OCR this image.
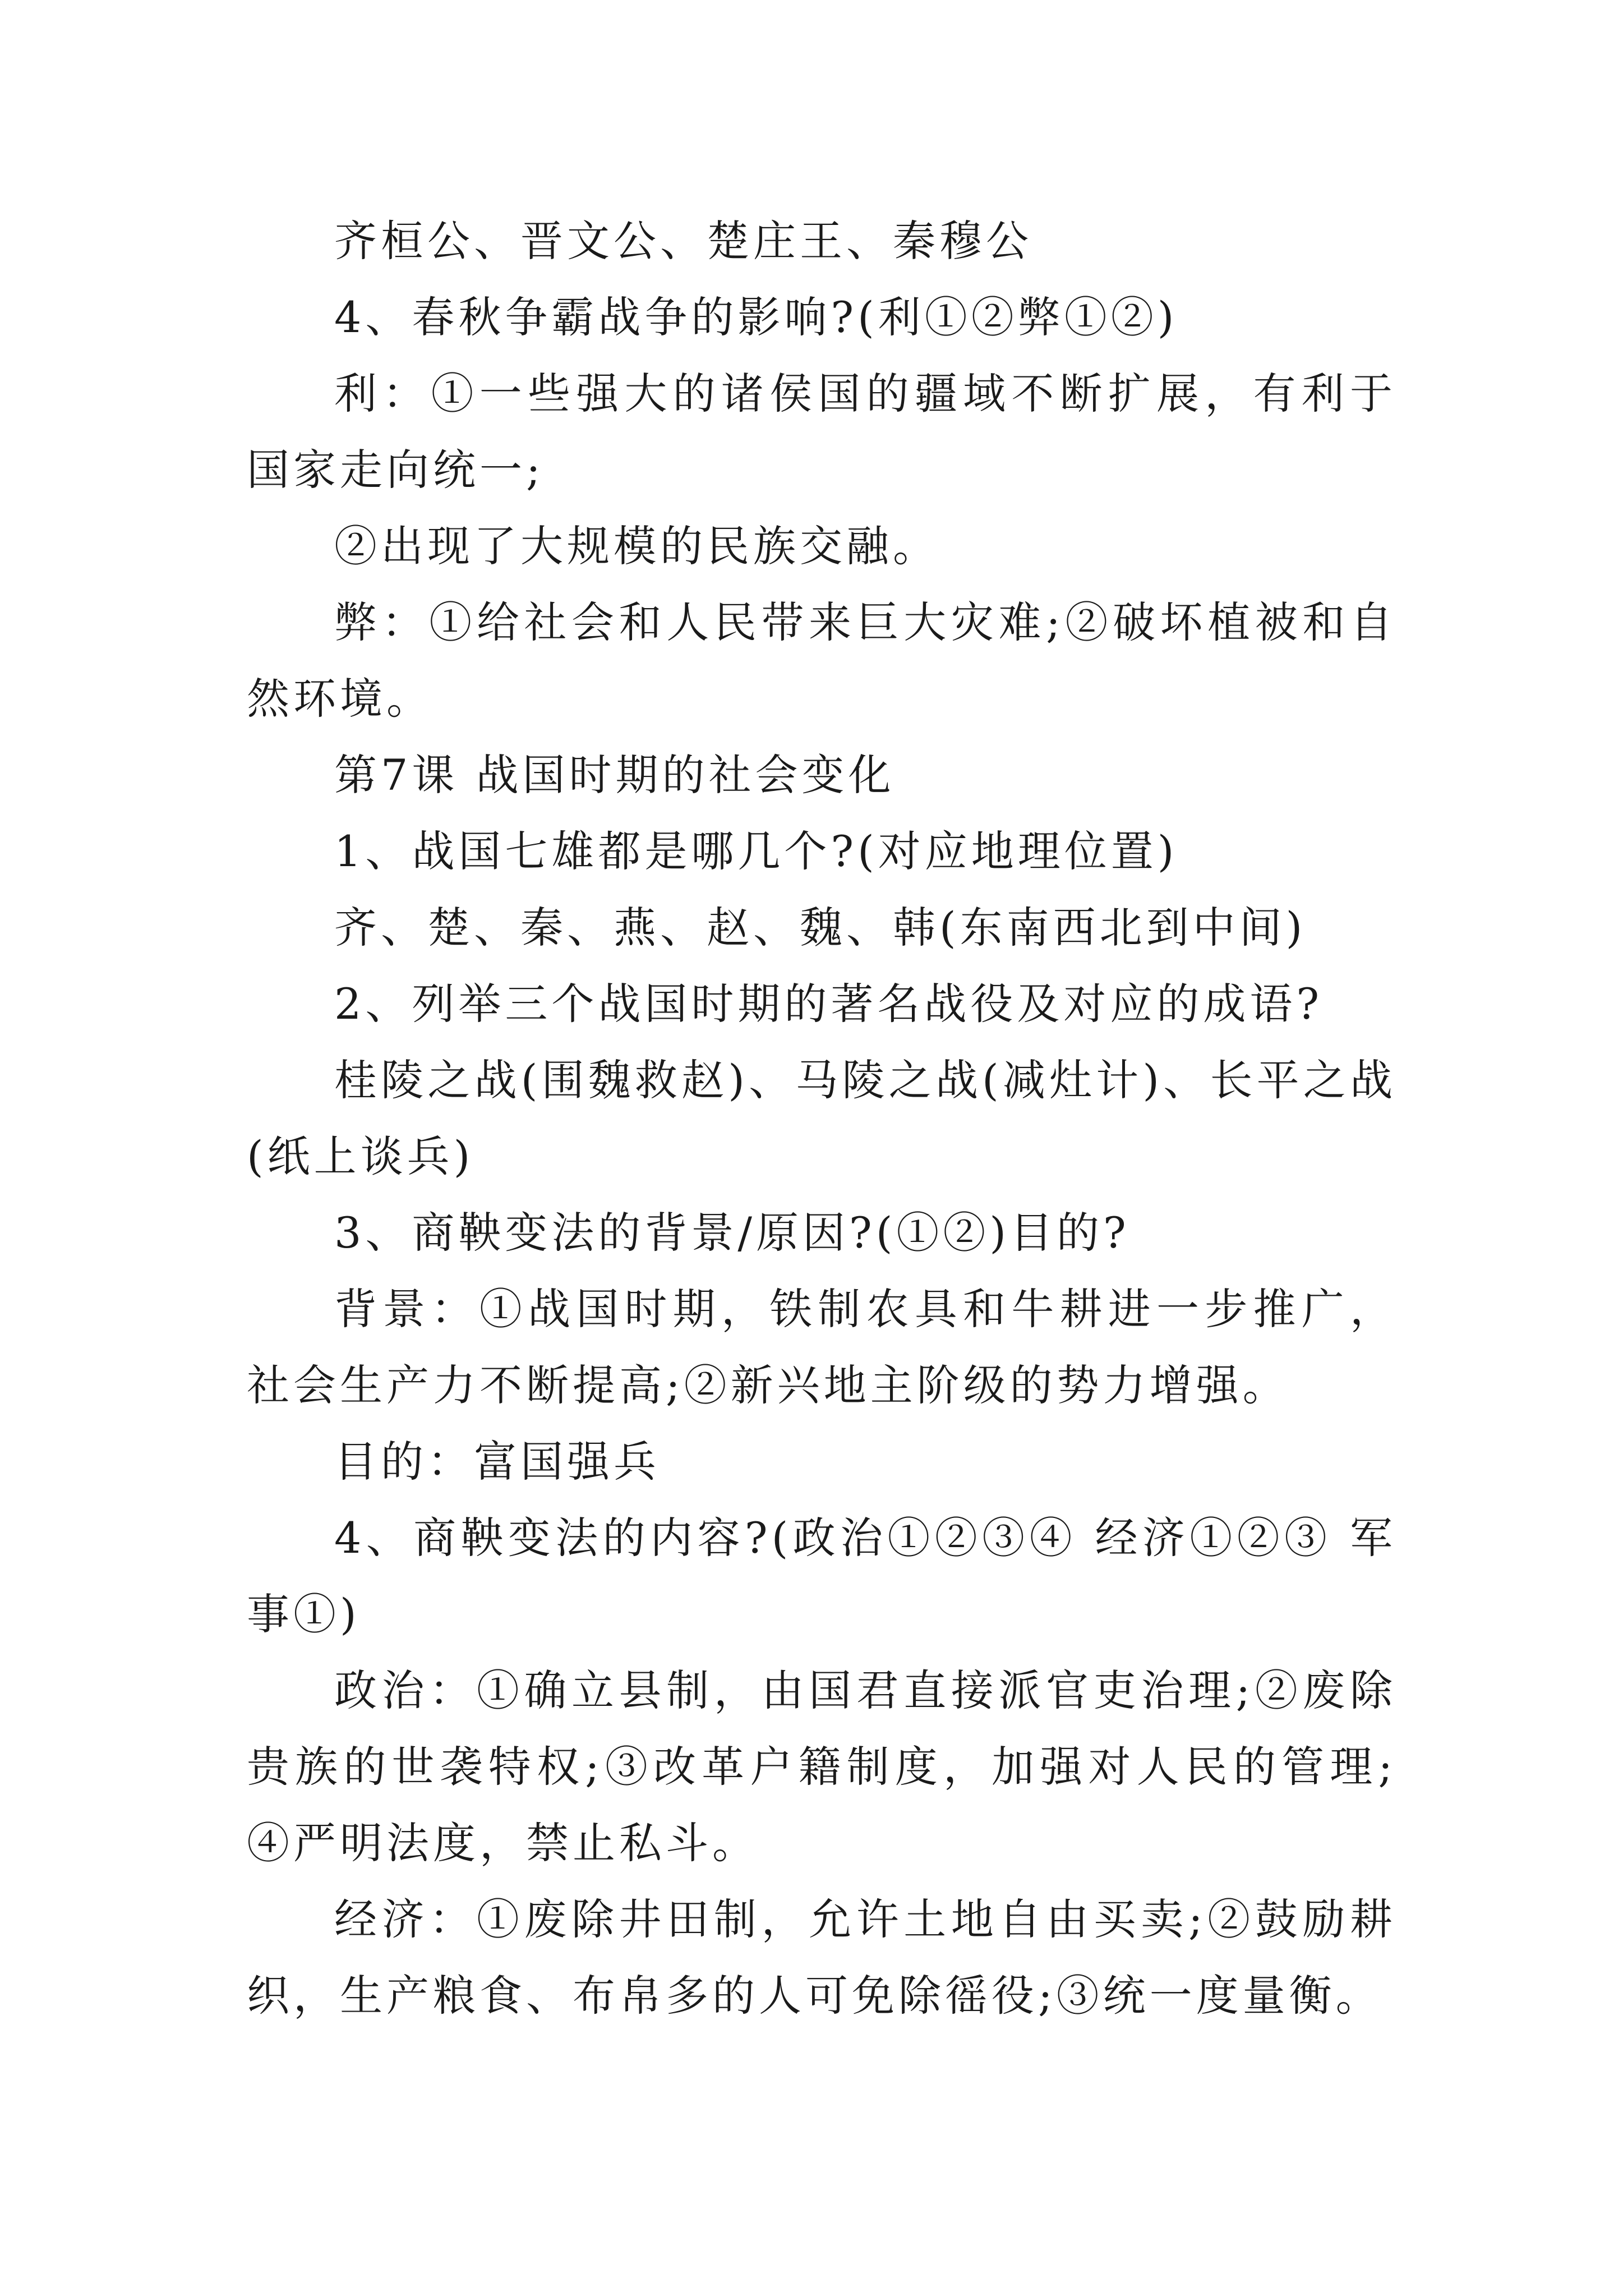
齐桓公、晋文公、楚庄王、秦穆公

4、春秋争霸战争的影响?(利①②弊①②)

利：①一些强大的诸侯国的疆域不断扩展，有利于国家走向统一;

②出现了大规模的民族交融。

弊：①给社会和人民带来巨大灾难;②破坏植被和自然环境。

第7课 战国时期的社会变化

1、战国七雄都是哪几个?(对应地理位置)

齐、楚、秦、燕、赵、魏、韩(东南西北到中间)

2、列举三个战国时期的著名战役及对应的成语?

桂陵之战(围魏救赵)、马陵之战(减灶计)、长平之战(纸上谈兵)

3、商鞅变法的背景/原因?(①②)目的?

背景：①战国时期，铁制农具和牛耕进一步推广，社会生产力不断提高;②新兴地主阶级的势力增强。

目的：富国强兵

4、商鞅变法的内容?(政治①②③④ 经济①②③ 军事①)

政治：①确立县制，由国君直接派官吏治理;②废除贵族的世袭特权;③改革户籍制度，加强对人民的管理;④严明法度，禁止私斗。

经济：①废除井田制，允许土地自由买卖;②鼓励耕织，生产粮食、布帛多的人可免除徭役;③统一度量衡。
